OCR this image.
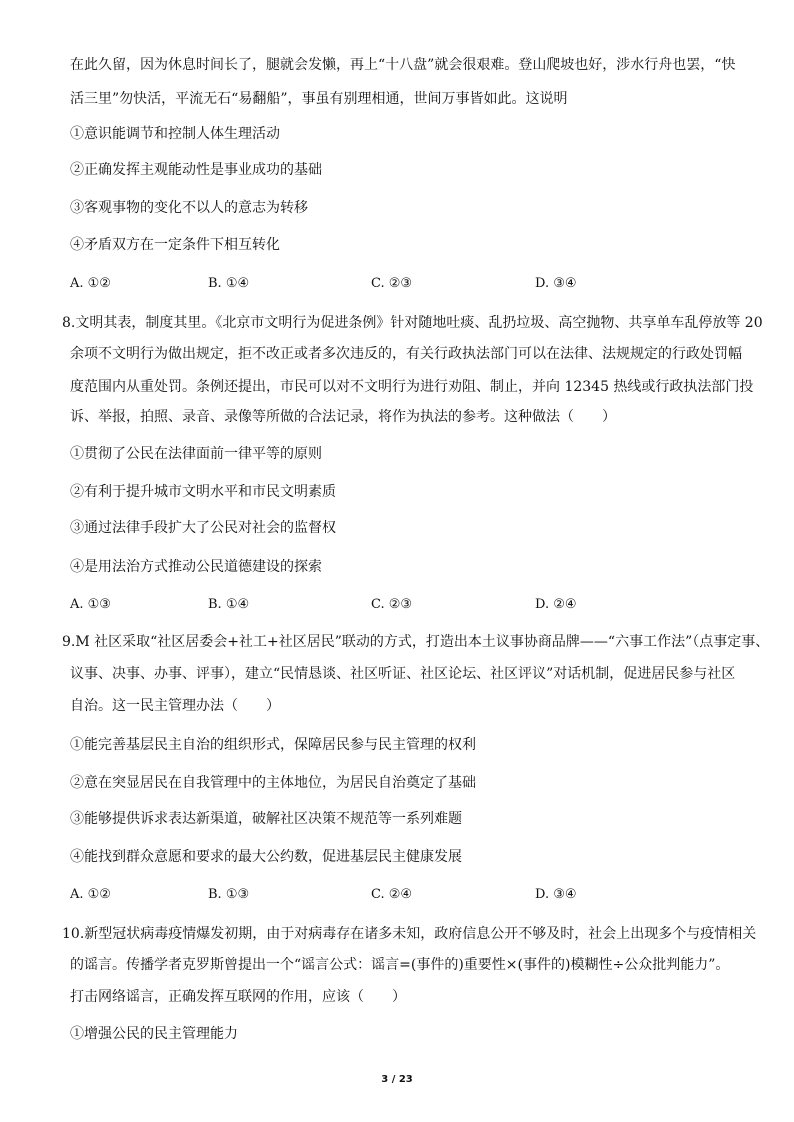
在此久留，因为休息时间长了，腿就会发懒，再上“十八盘”就会很艰难。登山爬坡也好，涉水行舟也罢，“快
活三里”勿快活，平流无石“易翻船”，事虽有别理相通，世间万事皆如此。这说明
①意识能调节和控制人体生理活动
②正确发挥主观能动性是事业成功的基础
③客观事物的变化不以人的意志为转移
④矛盾双方在一定条件下相互转化
A. ①②	B. ①④	C. ②③	D. ③④
8.文明其表，制度其里。《北京市文明行为促进条例》针对随地吐痰、乱扔垃圾、高空抛物、共享单车乱停放等 20
余项不文明行为做出规定，拒不改正或者多次违反的，有关行政执法部门可以在法律、法规规定的行政处罚幅
度范围内从重处罚。条例还提出，市民可以对不文明行为进行劝阻、制止，并向 12345 热线或行政执法部门投
诉、举报，拍照、录音、录像等所做的合法记录，将作为执法的参考。这种做法（　　）
①贯彻了公民在法律面前一律平等的原则
②有利于提升城市文明水平和市民文明素质
③通过法律手段扩大了公民对社会的监督权
④是用法治方式推动公民道德建设的探索
A. ①③	B. ①④	C. ②③	D. ②④
9.M 社区采取“社区居委会+社工+社区居民”联动的方式，打造出本土议事协商品牌——“六事工作法”（点事定事、
议事、决事、办事、评事），建立“民情恳谈、社区听证、社区论坛、社区评议”对话机制，促进居民参与社区
自治。这一民主管理办法（　　）
①能完善基层民主自治的组织形式，保障居民参与民主管理的权利
②意在突显居民在自我管理中的主体地位，为居民自治奠定了基础
③能够提供诉求表达新渠道，破解社区决策不规范等一系列难题
④能找到群众意愿和要求的最大公约数，促进基层民主健康发展
A. ①②	B. ①③	C. ②④	D. ③④
10.新型冠状病毒疫情爆发初期，由于对病毒存在诸多未知，政府信息公开不够及时，社会上出现多个与疫情相关
的谣言。传播学者克罗斯曾提出一个“谣言公式：谣言=(事件的)重要性×(事件的)模糊性÷公众批判能力”。
打击网络谣言，正确发挥互联网的作用，应该（　　）
①增强公民的民主管理能力
3 / 23
